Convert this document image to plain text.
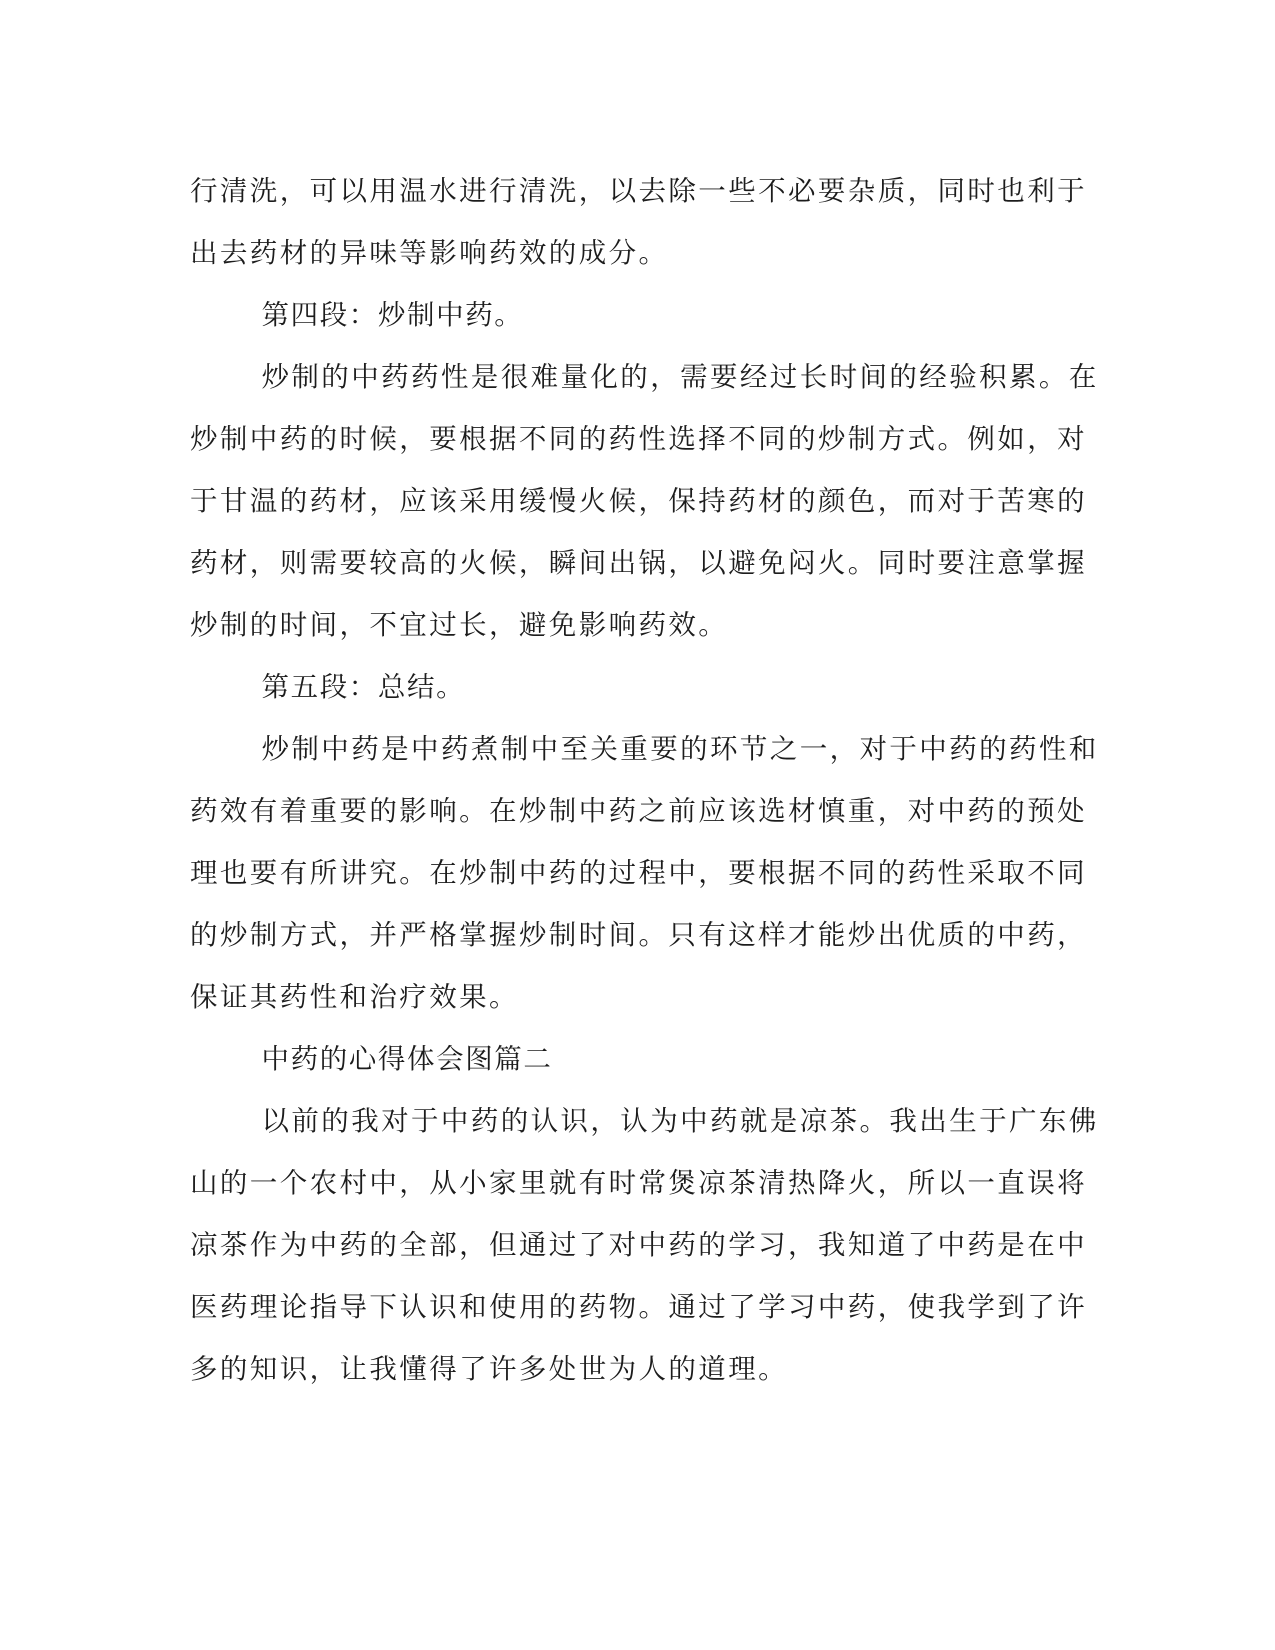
行清洗，可以用温水进行清洗，以去除一些不必要杂质，同时也利于
出去药材的异味等影响药效的成分。

第四段：炒制中药。

炒制的中药药性是很难量化的，需要经过长时间的经验积累。在
炒制中药的时候，要根据不同的药性选择不同的炒制方式。例如，对
于甘温的药材，应该采用缓慢火候，保持药材的颜色，而对于苦寒的
药材，则需要较高的火候，瞬间出锅，以避免闷火。同时要注意掌握
炒制的时间，不宜过长，避免影响药效。

第五段：总结。

炒制中药是中药煮制中至关重要的环节之一，对于中药的药性和
药效有着重要的影响。在炒制中药之前应该选材慎重，对中药的预处
理也要有所讲究。在炒制中药的过程中，要根据不同的药性采取不同
的炒制方式，并严格掌握炒制时间。只有这样才能炒出优质的中药，
保证其药性和治疗效果。

中药的心得体会图篇二

以前的我对于中药的认识，认为中药就是凉茶。我出生于广东佛
山的一个农村中，从小家里就有时常煲凉茶清热降火，所以一直误将
凉茶作为中药的全部，但通过了对中药的学习，我知道了中药是在中
医药理论指导下认识和使用的药物。通过了学习中药，使我学到了许
多的知识，让我懂得了许多处世为人的道理。
